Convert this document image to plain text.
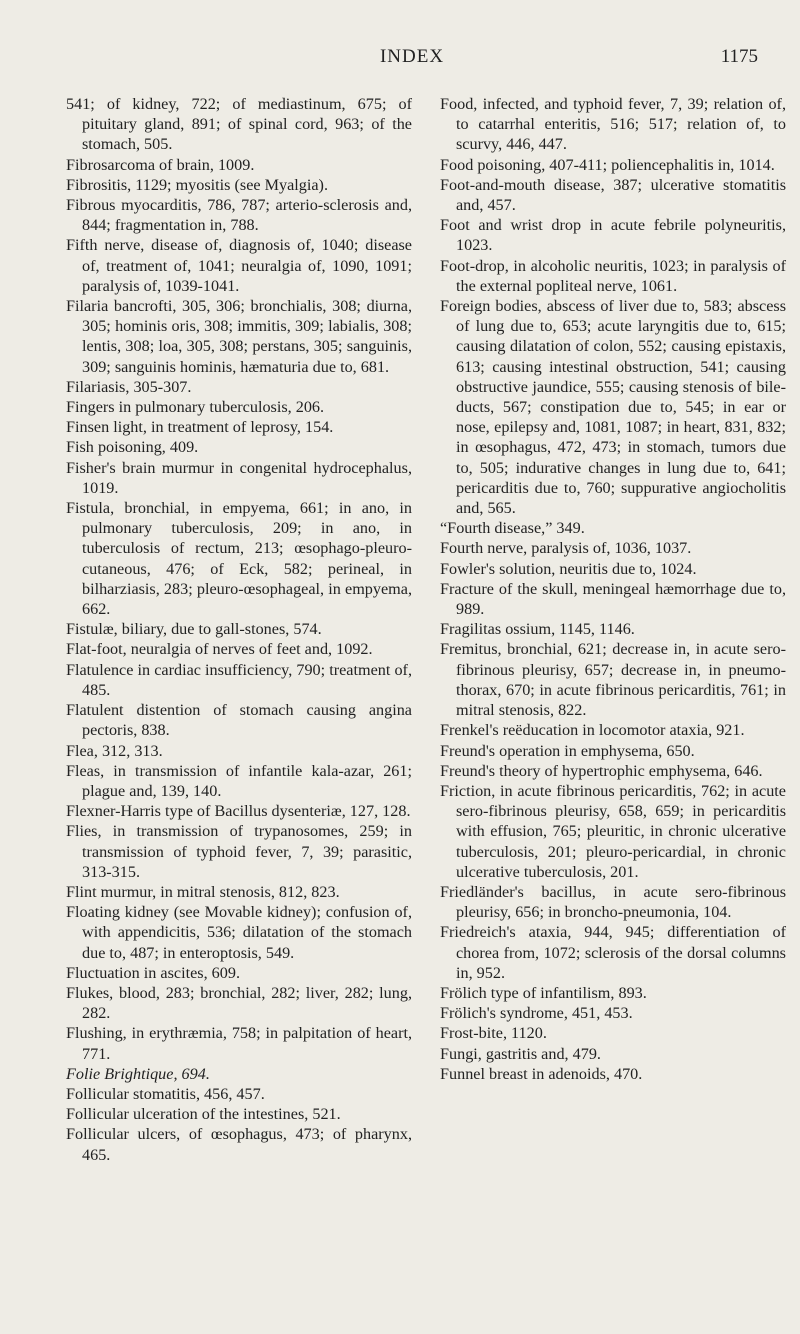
INDEX	1175

541; of kidney, 722; of mediastinum, 675; of pituitary gland, 891; of spinal cord, 963; of the stomach, 505.

Fibrosarcoma of brain, 1009.

Fibrositis, 1129; myositis (see Myalgia).

Fibrous myocarditis, 786, 787; arterio-sclerosis and, 844; fragmentation in, 788.

Fifth nerve, disease of, diagnosis of, 1040; disease of, treatment of, 1041; neuralgia of, 1090, 1091; paralysis of, 1039-1041.

Filaria bancrofti, 305, 306; bronchialis, 308; diurna, 305; hominis oris, 308; immitis, 309; labialis, 308; lentis, 308; loa, 305, 308; perstans, 305; sanguinis, 309; sanguinis hominis, hæmaturia due to, 681.

Filariasis, 305-307.

Fingers in pulmonary tuberculosis, 206.

Finsen light, in treatment of leprosy, 154.

Fish poisoning, 409.

Fisher's brain murmur in congenital hydrocephalus, 1019.

Fistula, bronchial, in empyema, 661; in ano, in pulmonary tuberculosis, 209; in ano, in tuberculosis of rectum, 213; œsophago-pleuro-cutaneous, 476; of Eck, 582; perineal, in bilharziasis, 283; pleuro-œsophageal, in empyema, 662.

Fistulæ, biliary, due to gall-stones, 574.

Flat-foot, neuralgia of nerves of feet and, 1092.

Flatulence in cardiac insufficiency, 790; treatment of, 485.

Flatulent distention of stomach causing angina pectoris, 838.

Flea, 312, 313.

Fleas, in transmission of infantile kala-azar, 261; plague and, 139, 140.

Flexner-Harris type of Bacillus dysenteriæ, 127, 128.

Flies, in transmission of trypanosomes, 259; in transmission of typhoid fever, 7, 39; parasitic, 313-315.

Flint murmur, in mitral stenosis, 812, 823.

Floating kidney (see Movable kidney); confusion of, with appendicitis, 536; dilatation of the stomach due to, 487; in enteroptosis, 549.

Fluctuation in ascites, 609.

Flukes, blood, 283; bronchial, 282; liver, 282; lung, 282.

Flushing, in erythræmia, 758; in palpitation of heart, 771.

Folie Brightique, 694.

Follicular stomatitis, 456, 457.

Follicular ulceration of the intestines, 521.

Follicular ulcers, of œsophagus, 473; of pharynx, 465.

Food, infected, and typhoid fever, 7, 39; relation of, to catarrhal enteritis, 516; 517; relation of, to scurvy, 446, 447.

Food poisoning, 407-411; poliencephalitis in, 1014.

Foot-and-mouth disease, 387; ulcerative stomatitis and, 457.

Foot and wrist drop in acute febrile polyneuritis, 1023.

Foot-drop, in alcoholic neuritis, 1023; in paralysis of the external popliteal nerve, 1061.

Foreign bodies, abscess of liver due to, 583; abscess of lung due to, 653; acute laryngitis due to, 615; causing dilatation of colon, 552; causing epistaxis, 613; causing intestinal obstruction, 541; causing obstructive jaundice, 555; causing stenosis of bile-ducts, 567; constipation due to, 545; in ear or nose, epilepsy and, 1081, 1087; in heart, 831, 832; in œsophagus, 472, 473; in stomach, tumors due to, 505; indurative changes in lung due to, 641; pericarditis due to, 760; suppurative angiocholitis and, 565.

“Fourth disease,” 349.

Fourth nerve, paralysis of, 1036, 1037.

Fowler's solution, neuritis due to, 1024.

Fracture of the skull, meningeal hæmorrhage due to, 989.

Fragilitas ossium, 1145, 1146.

Fremitus, bronchial, 621; decrease in, in acute sero-fibrinous pleurisy, 657; decrease in, in pneumo-thorax, 670; in acute fibrinous pericarditis, 761; in mitral stenosis, 822.

Frenkel's reëducation in locomotor ataxia, 921.

Freund's operation in emphysema, 650.

Freund's theory of hypertrophic emphysema, 646.

Friction, in acute fibrinous pericarditis, 762; in acute sero-fibrinous pleurisy, 658, 659; in pericarditis with effusion, 765; pleuritic, in chronic ulcerative tuberculosis, 201; pleuro-pericardial, in chronic ulcerative tuberculosis, 201.

Friedländer's bacillus, in acute sero-fibrinous pleurisy, 656; in broncho-pneumonia, 104.

Friedreich's ataxia, 944, 945; differentiation of chorea from, 1072; sclerosis of the dorsal columns in, 952.

Frölich type of infantilism, 893.

Frölich's syndrome, 451, 453.

Frost-bite, 1120.

Fungi, gastritis and, 479.

Funnel breast in adenoids, 470.
